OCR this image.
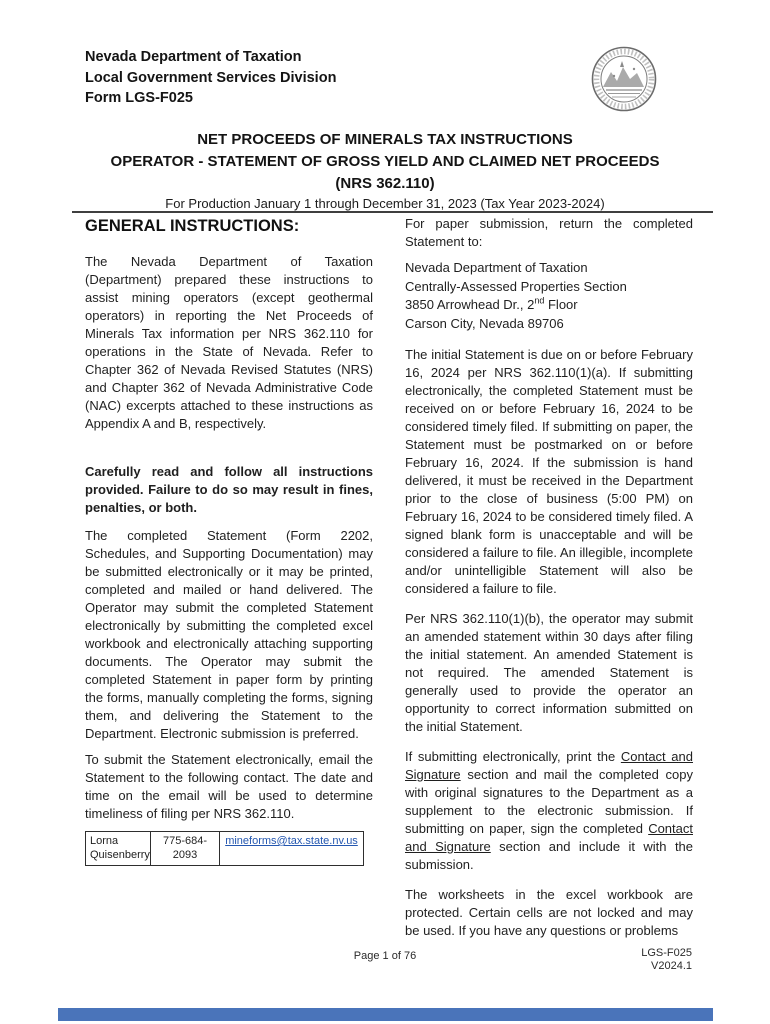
Nevada Department of Taxation
Local Government Services Division
Form LGS-F025
NET PROCEEDS OF MINERALS TAX INSTRUCTIONS
OPERATOR - STATEMENT OF GROSS YIELD AND CLAIMED NET PROCEEDS
(NRS 362.110)
For Production January 1 through December 31, 2023 (Tax Year 2023-2024)
GENERAL INSTRUCTIONS:

The Nevada Department of Taxation (Department) prepared these instructions to assist mining operators (except geothermal operators) in reporting the Net Proceeds of Minerals Tax information per NRS 362.110 for operations in the State of Nevada. Refer to Chapter 362 of Nevada Revised Statutes (NRS) and Chapter 362 of Nevada Administrative Code (NAC) excerpts attached to these instructions as Appendix A and B, respectively.

Carefully read and follow all instructions provided. Failure to do so may result in fines, penalties, or both.

The completed Statement (Form 2202, Schedules, and Supporting Documentation) may be submitted electronically or it may be printed, completed and mailed or hand delivered. The Operator may submit the completed Statement electronically by submitting the completed excel workbook and electronically attaching supporting documents. The Operator may submit the completed Statement in paper form by printing the forms, manually completing the forms, signing them, and delivering the Statement to the Department. Electronic submission is preferred.

To submit the Statement electronically, email the Statement to the following contact. The date and time on the email will be used to determine timeliness of filing per NRS 362.110.

Lorna Quisenberry	775-684-2093	mineforms@tax.state.nv.us

For paper submission, return the completed Statement to:

Nevada Department of Taxation
Centrally-Assessed Properties Section
3850 Arrowhead Dr., 2nd Floor
Carson City, Nevada 89706

The initial Statement is due on or before February 16, 2024 per NRS 362.110(1)(a). If submitting electronically, the completed Statement must be received on or before February 16, 2024 to be considered timely filed. If submitting on paper, the Statement must be postmarked on or before February 16, 2024. If the submission is hand delivered, it must be received in the Department prior to the close of business (5:00 PM) on February 16, 2024 to be considered timely filed. A signed blank form is unacceptable and will be considered a failure to file. An illegible, incomplete and/or unintelligible Statement will also be considered a failure to file.

Per NRS 362.110(1)(b), the operator may submit an amended statement within 30 days after filing the initial statement. An amended Statement is not required. The amended Statement is generally used to provide the operator an opportunity to correct information submitted on the initial Statement.

If submitting electronically, print the Contact and Signature section and mail the completed copy with original signatures to the Department as a supplement to the electronic submission. If submitting on paper, sign the completed Contact and Signature section and include it with the submission.

The worksheets in the excel workbook are protected. Certain cells are not locked and may be used. If you have any questions or problems

Page 1 of 76	LGS-F025
V2024.1
